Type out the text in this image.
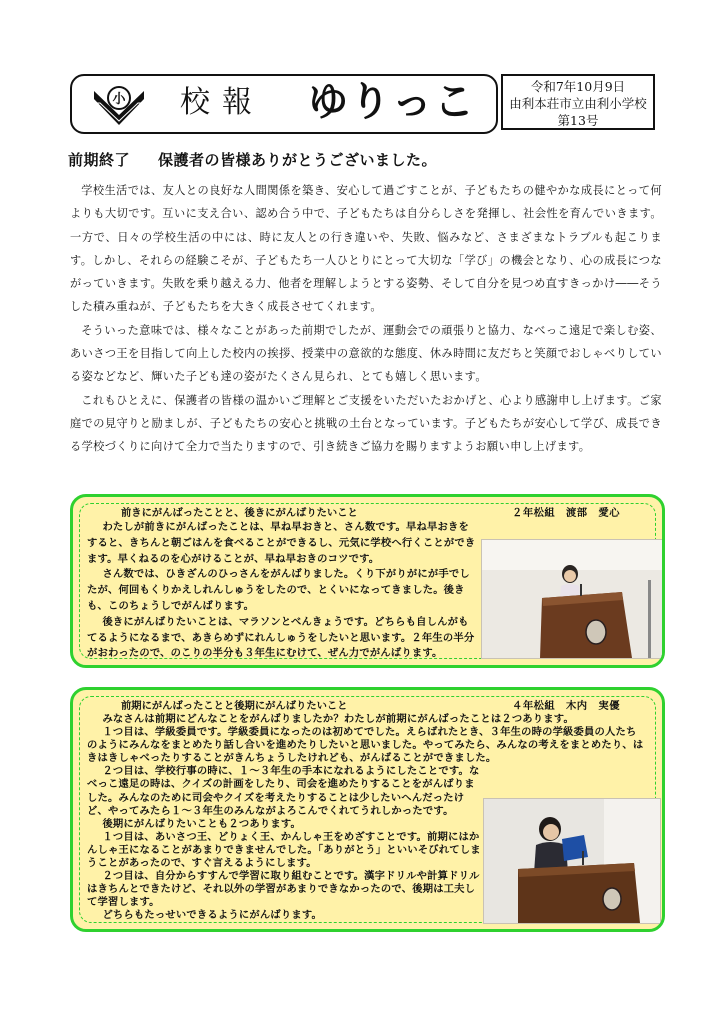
小 校報 ゆりっこ	令和7年10月9日
由利本荘市立由利小学校
第13号
前期終了 保護者の皆様ありがとうございました。

学校生活では、友人との良好な人間関係を築き、安心して過ごすことが、子どもたちの健やかな成長にとって何よりも大切です。互いに支え合い、認め合う中で、子どもたちは自分らしさを発揮し、社会性を育んでいきます。一方で、日々の学校生活の中には、時に友人との行き違いや、失敗、悩みなど、さまざまなトラブルも起こります。しかし、それらの経験こそが、子どもたち一人ひとりにとって大切な「学び」の機会となり、心の成長につながっていきます。失敗を乗り越える力、他者を理解しようとする姿勢、そして自分を見つめ直すきっかけ――そうした積み重ねが、子どもたちを大きく成長させてくれます。

そういった意味では、様々なことがあった前期でしたが、運動会での頑張りと協力、なべっこ遠足で楽しむ姿、あいさつ王を目指して向上した校内の挨拶、授業中の意欲的な態度、休み時間に友だちと笑顔でおしゃべりしている姿などなど、輝いた子ども達の姿がたくさん見られ、とても嬉しく思います。

これもひとえに、保護者の皆様の温かいご理解とご支援をいただいたおかげと、心より感謝申し上げます。ご家庭での見守りと励ましが、子どもたちの安心と挑戦の土台となっています。子どもたちが安心して学び、成長できる学校づくりに向けて全力で当たりますので、引き続きご協力を賜りますようお願い申し上げます。

前きにがんばったことと、後きにがんばりたいこと	２年松組　渡部　愛心

わたしが前きにがんばったことは、早ね早おきと、さん数です。早ね早おきをすると、きちんと朝ごはんを食べることができるし、元気に学校へ行くことができます。早くねるのを心がけることが、早ね早おきのコツです。

さん数では、ひきざんのひっさんをがんばりました。くり下がりがにが手でしたが、何回もくりかえしれんしゅうをしたので、とくいになってきました。後きも、このちょうしでがんばります。

後きにがんばりたいことは、マラソンとべんきょうです。どちらも自しんがもてるようになるまで、あきらめずにれんしゅうをしたいと思います。２年生の半分がおわったので、のこりの半分も３年生にむけて、ぜん力でがんばります。

前期にがんばったことと後期にがんばりたいこと	４年松組　木内　実優

みなさんは前期にどんなことをがんばりましたか？わたしが前期にがんばったことは２つあります。

１つ目は、学級委員です。学級委員になったのは初めてでした。えらばれたとき、３年生の時の学級委員の人たちのようにみんなをまとめたり話し合いを進めたりしたいと思いました。やってみたら、みんなの考えをまとめたり、はきはきしゃべったりすることがきんちょうしたけれども、がんばることができました。

２つ目は、学校行事の時に、１～３年生の手本になれるようにしたことです。なべっこ遠足の時は、クイズの計画をしたり、司会を進めたりすることをがんばりました。みんなのために司会やクイズを考えたりすることは少したいへんだったけど、やってみたら１～３年生のみんながよろこんでくれてうれしかったです。

後期にがんばりたいことも２つあります。

１つ目は、あいさつ王、どりょく王、かんしゃ王をめざすことです。前期にはかんしゃ王になることがあまりできませんでした。「ありがとう」といいそびれてしまうことがあったので、すぐ言えるようにします。

２つ目は、自分からすすんで学習に取り組むことです。漢字ドリルや計算ドリルはきちんとできたけど、それ以外の学習があまりできなかったので、後期は工夫して学習します。

どちらもたっせいできるようにがんばります。
